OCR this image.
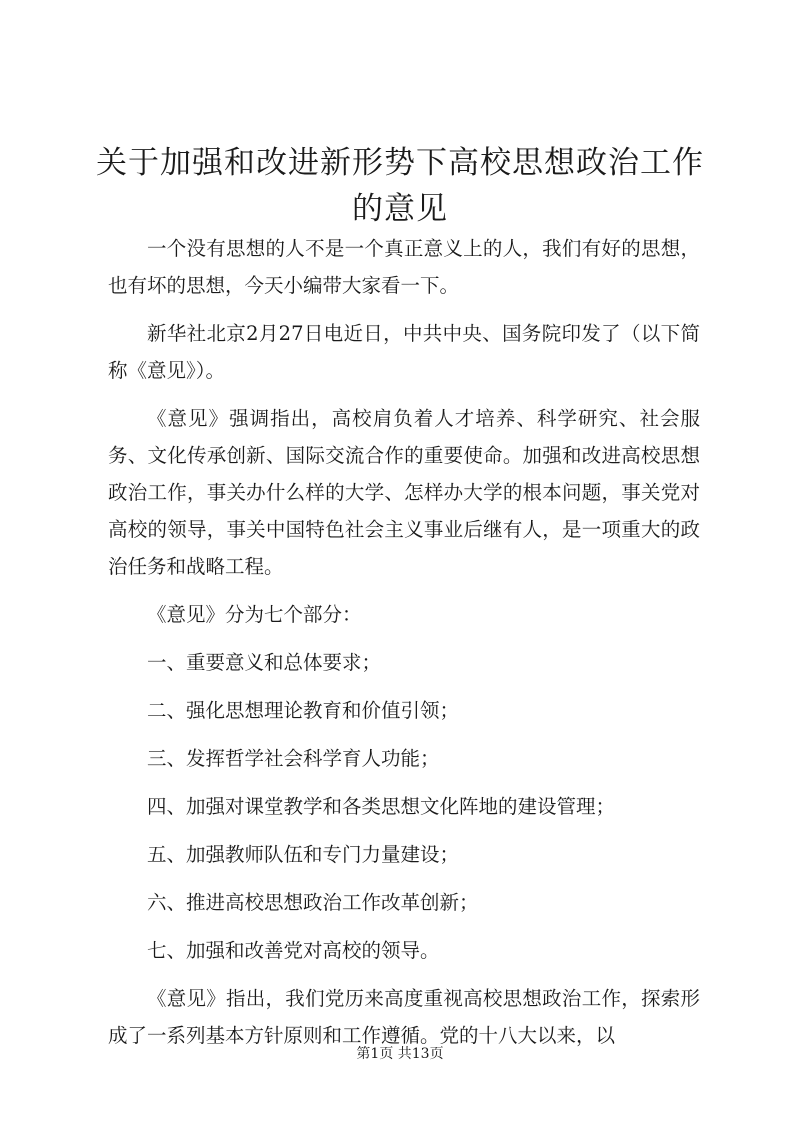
关于加强和改进新形势下高校思想政治工作的意见

一个没有思想的人不是一个真正意义上的人，我们有好的思想，也有坏的思想，今天小编带大家看一下。

新华社北京2月27日电近日，中共中央、国务院印发了（以下简称《意见》）。

《意见》强调指出，高校肩负着人才培养、科学研究、社会服务、文化传承创新、国际交流合作的重要使命。加强和改进高校思想政治工作，事关办什么样的大学、怎样办大学的根本问题，事关党对高校的领导，事关中国特色社会主义事业后继有人，是一项重大的政治任务和战略工程。

《意见》分为七个部分：

一、重要意义和总体要求；

二、强化思想理论教育和价值引领；

三、发挥哲学社会科学育人功能；

四、加强对课堂教学和各类思想文化阵地的建设管理；

五、加强教师队伍和专门力量建设；

六、推进高校思想政治工作改革创新；

七、加强和改善党对高校的领导。

《意见》指出，我们党历来高度重视高校思想政治工作，探索形成了一系列基本方针原则和工作遵循。党的十八大以来，以

第1页 共13页
